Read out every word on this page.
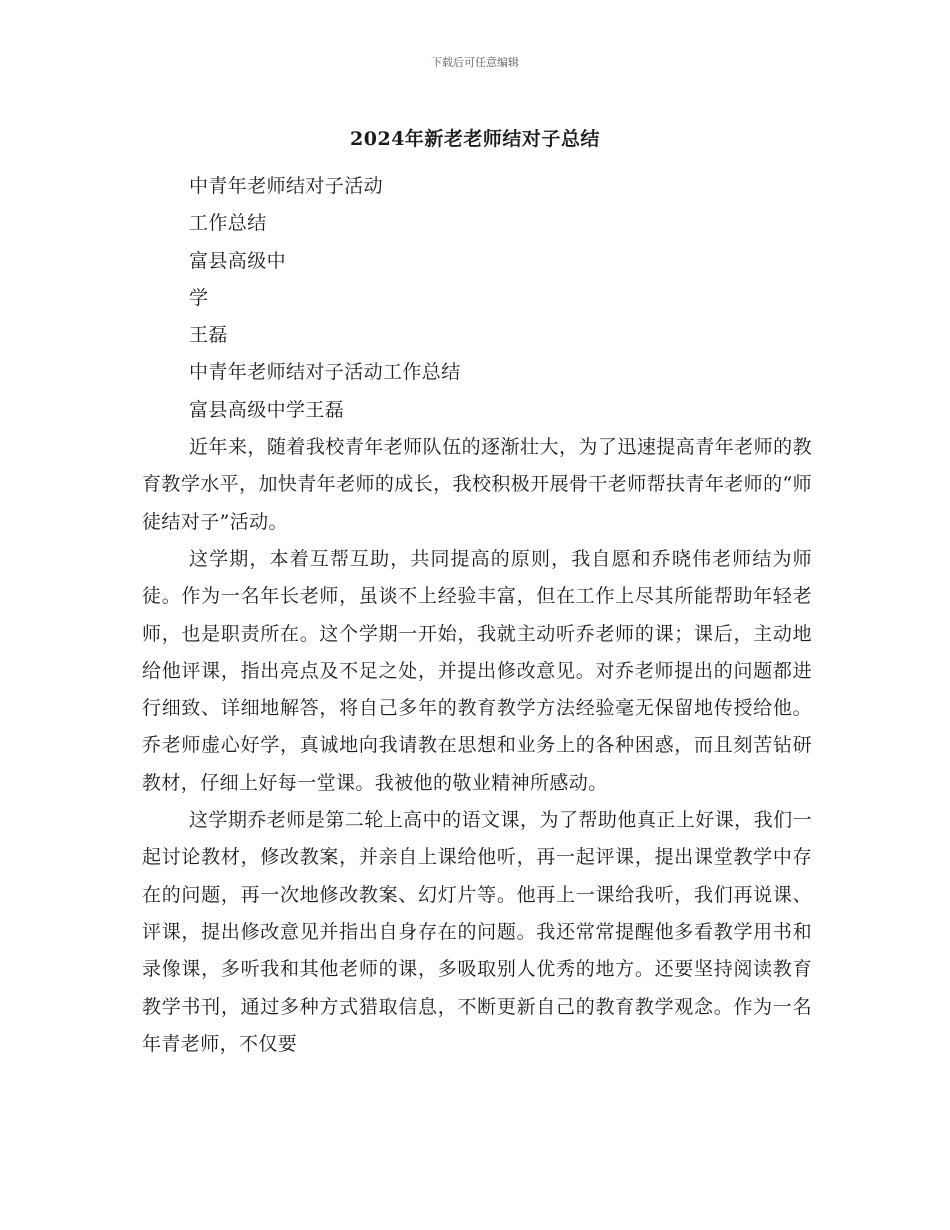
下载后可任意编辑
2024年新老老师结对子总结

中青年老师结对子活动

工作总结

富县高级中

学

王磊

中青年老师结对子活动工作总结

富县高级中学王磊

近年来，随着我校青年老师队伍的逐渐壮大，为了迅速提高青年老师的教育教学水平，加快青年老师的成长，我校积极开展骨干老师帮扶青年老师的“师徒结对子”活动。

这学期，本着互帮互助，共同提高的原则，我自愿和乔晓伟老师结为师徒。作为一名年长老师，虽谈不上经验丰富，但在工作上尽其所能帮助年轻老师，也是职责所在。这个学期一开始，我就主动听乔老师的课；课后，主动地给他评课，指出亮点及不足之处，并提出修改意见。对乔老师提出的问题都进行细致、详细地解答，将自己多年的教育教学方法经验毫无保留地传授给他。乔老师虚心好学，真诚地向我请教在思想和业务上的各种困惑，而且刻苦钻研教材，仔细上好每一堂课。我被他的敬业精神所感动。

这学期乔老师是第二轮上高中的语文课，为了帮助他真正上好课，我们一起讨论教材，修改教案，并亲自上课给他听，再一起评课，提出课堂教学中存在的问题，再一次地修改教案、幻灯片等。他再上一课给我听，我们再说课、评课，提出修改意见并指出自身存在的问题。我还常常提醒他多看教学用书和录像课，多听我和其他老师的课，多吸取别人优秀的地方。还要坚持阅读教育教学书刊，通过多种方式猎取信息，不断更新自己的教育教学观念。作为一名年青老师，不仅要
